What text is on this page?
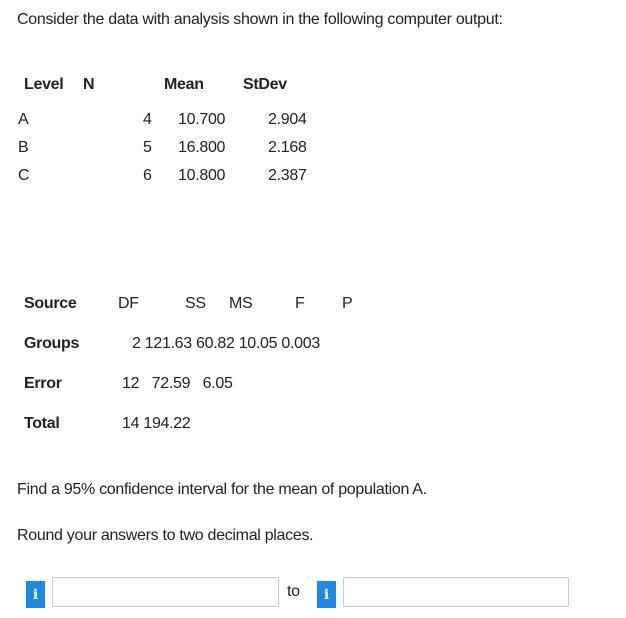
Consider the data with analysis shown in the following computer output:
Level N	Mean StDev
A	4 10.700	2.904
B	5 16.800	2.168
C	6 10.800	2.387
Source	DF	SS MS	F P
Groups	2 121.63 60.82 10.05 0.003
Error	12   72.59   6.05
Total	14 194.22
Find a 95% confidence interval for the mean of population A.
Round your answers to two decimal places.
i	to	i
